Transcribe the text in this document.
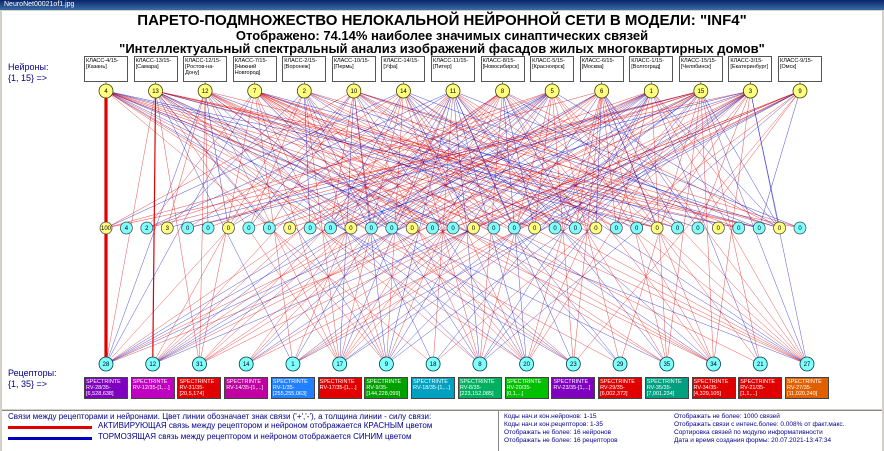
NeuroNet00021of1.jpg
4	13	12	7	2	10	14	11	8	5	6	1	15	3	9
100 4	2	3	0	0	0	0	0	0	0	0	0	0	0	0	0	0	0	0	0	0	0	0	0	0	0	0	0	0	0	0	0	0	0
28	12	31	14	1	17	9	18	8	20	23	29	35	34	21	27
ПАРЕТО-ПОДМНОЖЕСТВО НЕЛОКАЛЬНОЙ НЕЙРОННОЙ СЕТИ В МОДЕЛИ: "INF4"
Отображено: 74.14% наиболее значимых синаптических связей
"Интеллектуальный спектральный анализ изображений фасадов жилых многоквартирных домов"
Нейроны:
{1, 15} =>
Рецепторы:
{1, 35} =>
КЛАСС-4/15-[Казань]
КЛАСС-13/15-[Самара]
КЛАСС-12/15-[Ростов-на-Дону]
КЛАСС-7/15-[Нижний Новгород]
КЛАСС-2/15-[Воронеж]
КЛАСС-10/15-[Пермь]
КЛАСС-14/15-[Уфа]
КЛАСС-11/15-[Питер]
КЛАСС-8/15-[Новосибирск]
КЛАСС-5/15-[Красноярск]
КЛАСС-6/15-[Москва]
КЛАСС-1/15-[Волгоград]
КЛАСС-15/15-[Челябинск]
КЛАСС-3/15-[Екатеринбург]
КЛАСС-9/15-[Омск]
SPECTRINTE RV-28/35-[6,528,638]
SPECTRINTE RV-12/35-[1,...]
SPECTRINTE RV-31/35-[20,5,174]
SPECTRINTE RV-14/35-[1,...]
SPECTRINTE RV-1/35-[255,255,063]
SPECTRINTE RV-17/35-[1,...]
SPECTRINTE RV-9/35-[144,228,099]
SPECTRINTE RV-18/35-[1,...]
SPECTRINTE RV-8/35-[223,152,085]
SPECTRINTE RV-20/35-[0,1,...]
SPECTRINTE RV-23/35-[1,...]
SPECTRINTE RV-29/35-[6,002,372]
SPECTRINTE RV-35/35-[7,001,234]
SPECTRINTE RV-34/35-[4,329,105]
SPECTRINTE RV-21/35-[1,1,...]
SPECTRINTE RV-27/35-[11,020,240]
Связи между рецепторами и нейронами. Цвет линии обозначает знак связи ('+','-'), а толщина линии - силу связи:
АКТИВИРУЮЩАЯ связь между рецептором и нейроном отображается КРАСНЫМ цветом
ТОРМОЗЯЩАЯ связь между рецептором и нейроном отображается СИНИМ цветом
Коды нач.и кон.нейронов: 1-15
Коды нач.и кон.рецепторов: 1-35
Отображать не более: 16 нейронов
Отображать не более: 16 рецепторов
Отображать не более: 1000 связей
Отображать связи с интенс.более: 0.008% от факт.макс.
Сортировка связей по модулю информативности
Дата и время создания формы: 20.07.2021-13:47:34
